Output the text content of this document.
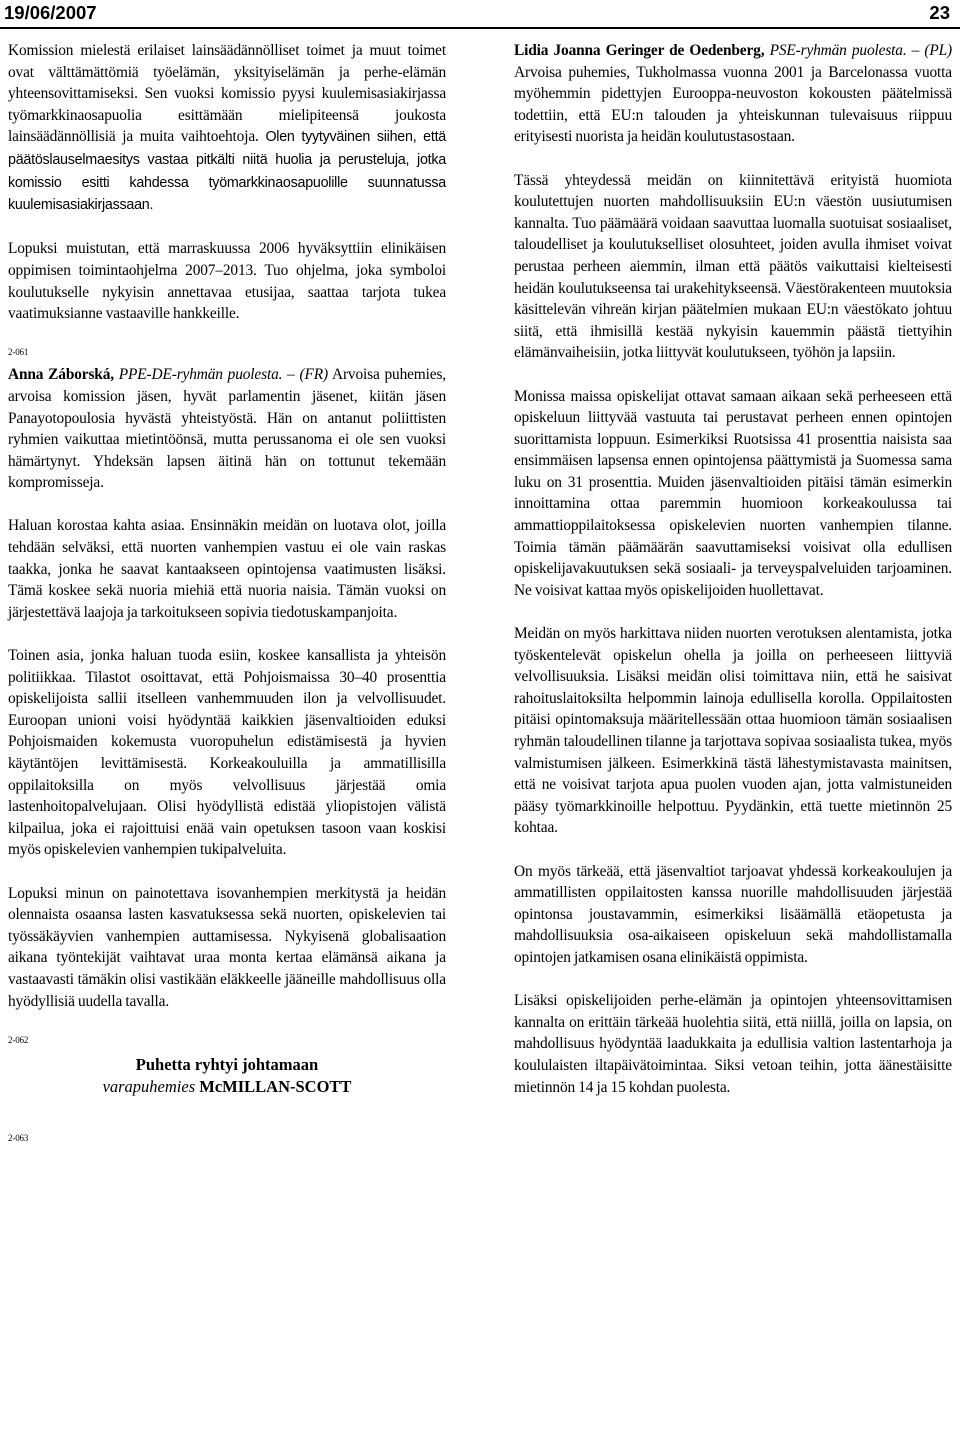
19/06/2007	23

Komission mielestä erilaiset lainsäädännölliset toimet ja muut toimet ovat välttämättömiä työelämän, yksityiselämän ja perhe-elämän yhteensovittamiseksi. Sen vuoksi komissio pyysi kuulemisasiakirjassa työmarkkinaosapuolia esittämään mielipiteensä joukosta lainsäädännöllisiä ja muita vaihtoehtoja. Olen tyytyväinen siihen, että päätöslauselmaesitys vastaa pitkälti niitä huolia ja perusteluja, jotka komissio esitti kahdessa työmarkkinaosapuolille suunnatussa kuulemisasiakirjassaan.

Lopuksi muistutan, että marraskuussa 2006 hyväksyttiin elinikäisen oppimisen toimintaohjelma 2007–2013. Tuo ohjelma, joka symboloi koulutukselle nykyisin annettavaa etusijaa, saattaa tarjota tukea vaatimuksianne vastaaville hankkeille.

2-061

Anna Záborská, PPE-DE-ryhmän puolesta. – (FR) Arvoisa puhemies, arvoisa komission jäsen, hyvät parlamentin jäsenet, kiitän jäsen Panayotopoulosia hyvästä yhteistyöstä. Hän on antanut poliittisten ryhmien vaikuttaa mietintöönsä, mutta perussanoma ei ole sen vuoksi hämärtynyt. Yhdeksän lapsen äitinä hän on tottunut tekemään kompromisseja.

Haluan korostaa kahta asiaa. Ensinnäkin meidän on luotava olot, joilla tehdään selväksi, että nuorten vanhempien vastuu ei ole vain raskas taakka, jonka he saavat kantaakseen opintojensa vaatimusten lisäksi. Tämä koskee sekä nuoria miehiä että nuoria naisia. Tämän vuoksi on järjestettävä laajoja ja tarkoitukseen sopivia tiedotuskampanjoita.

Toinen asia, jonka haluan tuoda esiin, koskee kansallista ja yhteisön politiikkaa. Tilastot osoittavat, että Pohjoismaissa 30–40 prosenttia opiskelijoista sallii itselleen vanhemmuuden ilon ja velvollisuudet. Euroopan unioni voisi hyödyntää kaikkien jäsenvaltioiden eduksi Pohjoismaiden kokemusta vuoropuhelun edistämisestä ja hyvien käytäntöjen levittämisestä. Korkeakouluilla ja ammatillisilla oppilaitoksilla on myös velvollisuus järjestää omia lastenhoitopalvelujaan. Olisi hyödyllistä edistää yliopistojen välistä kilpailua, joka ei rajoittuisi enää vain opetuksen tasoon vaan koskisi myös opiskelevien vanhempien tukipalveluita.

Lopuksi minun on painotettava isovanhempien merkitystä ja heidän olennaista osaansa lasten kasvatuksessa sekä nuorten, opiskelevien tai työssäkäyvien vanhempien auttamisessa. Nykyisenä globalisaation aikana työntekijät vaihtavat uraa monta kertaa elämänsä aikana ja vastaavasti tämäkin olisi vastikään eläkkeelle jääneille mahdollisuus olla hyödyllisiä uudella tavalla.

2-062

Puhetta ryhtyi johtamaan
varapuhemies McMILLAN-SCOTT

2-063

Lidia Joanna Geringer de Oedenberg, PSE-ryhmän puolesta. – (PL) Arvoisa puhemies, Tukholmassa vuonna 2001 ja Barcelonassa vuotta myöhemmin pidettyjen Eurooppa-neuvoston kokousten päätelmissä todettiin, että EU:n talouden ja yhteiskunnan tulevaisuus riippuu erityisesti nuorista ja heidän koulutustasostaan.

Tässä yhteydessä meidän on kiinnitettävä erityistä huomiota koulutettujen nuorten mahdollisuuksiin EU:n väestön uusiutumisen kannalta. Tuo päämäärä voidaan saavuttaa luomalla suotuisat sosiaaliset, taloudelliset ja koulutukselliset olosuhteet, joiden avulla ihmiset voivat perustaa perheen aiemmin, ilman että päätös vaikuttaisi kielteisesti heidän koulutukseensa tai urakehitykseensä. Väestörakenteen muutoksia käsittelevän vihreän kirjan päätelmien mukaan EU:n väestökato johtuu siitä, että ihmisillä kestää nykyisin kauemmin päästä tiettyihin elämänvaiheisiin, jotka liittyvät koulutukseen, työhön ja lapsiin.

Monissa maissa opiskelijat ottavat samaan aikaan sekä perheeseen että opiskeluun liittyvää vastuuta tai perustavat perheen ennen opintojen suorittamista loppuun. Esimerkiksi Ruotsissa 41 prosenttia naisista saa ensimmäisen lapsensa ennen opintojensa päättymistä ja Suomessa sama luku on 31 prosenttia. Muiden jäsenvaltioiden pitäisi tämän esimerkin innoittamina ottaa paremmin huomioon korkeakoulussa tai ammattioppilaitoksessa opiskelevien nuorten vanhempien tilanne. Toimia tämän päämäärän saavuttamiseksi voisivat olla edullisen opiskelijavakuutuksen sekä sosiaali- ja terveyspalveluiden tarjoaminen. Ne voisivat kattaa myös opiskelijoiden huollettavat.

Meidän on myös harkittava niiden nuorten verotuksen alentamista, jotka työskentelevät opiskelun ohella ja joilla on perheeseen liittyviä velvollisuuksia. Lisäksi meidän olisi toimittava niin, että he saisivat rahoituslaitoksilta helpommin lainoja edullisella korolla. Oppilaitosten pitäisi opintomaksuja määritellessään ottaa huomioon tämän sosiaalisen ryhmän taloudellinen tilanne ja tarjottava sopivaa sosiaalista tukea, myös valmistumisen jälkeen. Esimerkkinä tästä lähestymistavasta mainitsen, että ne voisivat tarjota apua puolen vuoden ajan, jotta valmistuneiden pääsy työmarkkinoille helpottuu. Pyydänkin, että tuette mietinnön 25 kohtaa.

On myös tärkeää, että jäsenvaltiot tarjoavat yhdessä korkeakoulujen ja ammatillisten oppilaitosten kanssa nuorille mahdollisuuden järjestää opintonsa joustavammin, esimerkiksi lisäämällä etäopetusta ja mahdollisuuksia osa-aikaiseen opiskeluun sekä mahdollistamalla opintojen jatkamisen osana elinikäistä oppimista.

Lisäksi opiskelijoiden perhe-elämän ja opintojen yhteensovittamisen kannalta on erittäin tärkeää huolehtia siitä, että niillä, joilla on lapsia, on mahdollisuus hyödyntää laadukkaita ja edullisia valtion lastentarhoja ja koululaisten iltapäivätoimintaa. Siksi vetoan teihin, jotta äänestäisitte mietinnön 14 ja 15 kohdan puolesta.
